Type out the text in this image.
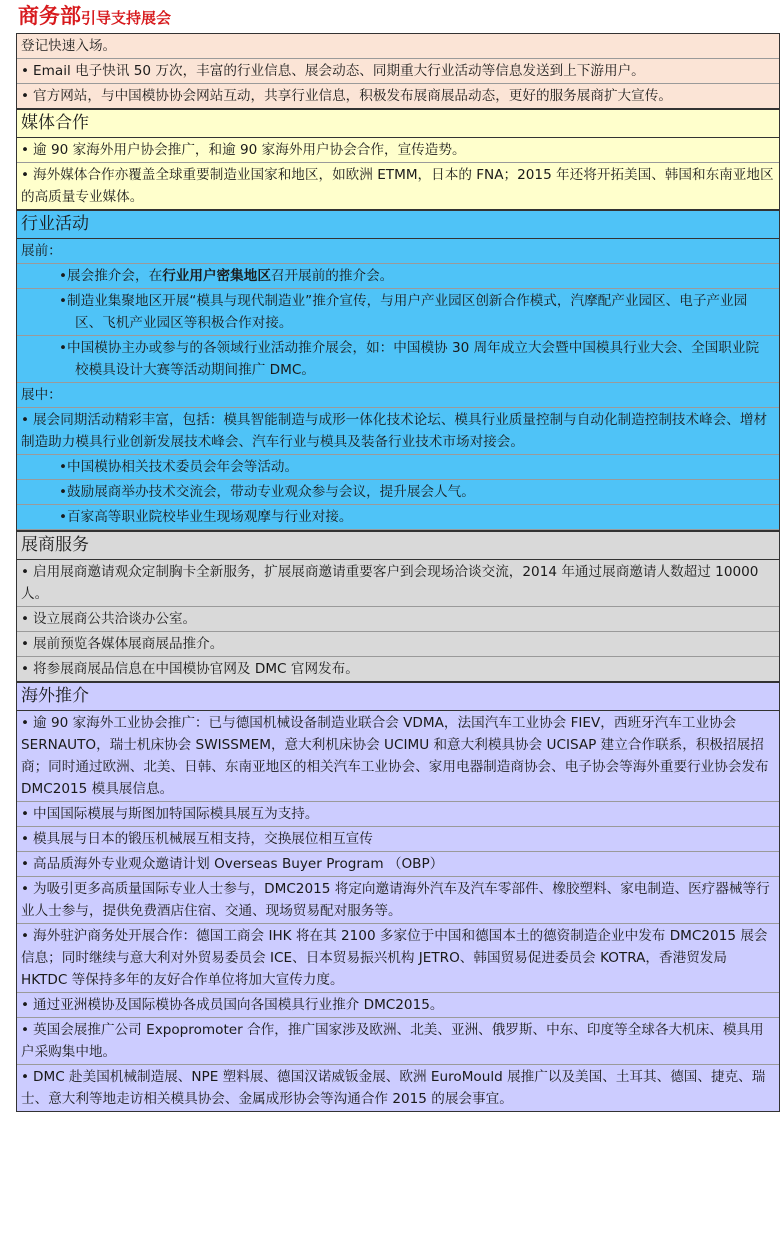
商务部引导支持展会
登记快速入场。
• Email 电子快讯 50 万次，丰富的行业信息、展会动态、同期重大行业活动等信息发送到上下游用户。
• 官方网站，与中国模协协会网站互动，共享行业信息，积极发布展商展品动态，更好的服务展商扩大宣传。
媒体合作
• 逾 90 家海外用户协会推广，和逾 90 家海外用户协会合作，宣传造势。
• 海外媒体合作亦覆盖全球重要制造业国家和地区，如欧洲 ETMM，日本的 FNA；2015 年还将开拓美国、韩国和东南亚地区的高质量专业媒体。
行业活动
展前：
•展会推介会，在行业用户密集地区召开展前的推介会。
•制造业集聚地区开展“模具与现代制造业”推介宣传，与用户产业园区创新合作模式，汽摩配产业园区、电子产业园区、飞机产业园区等积极合作对接。
•中国模协主办或参与的各领域行业活动推介展会，如：中国模协 30 周年成立大会暨中国模具行业大会、全国职业院校模具设计大赛等活动期间推广 DMC。
展中：
• 展会同期活动精彩丰富，包括：模具智能制造与成形一体化技术论坛、模具行业质量控制与自动化制造控制技术峰会、增材制造助力模具行业创新发展技术峰会、汽车行业与模具及装备行业技术市场对接会。
•中国模协相关技术委员会年会等活动。
•鼓励展商举办技术交流会，带动专业观众参与会议，提升展会人气。
•百家高等职业院校毕业生现场观摩与行业对接。
展商服务
• 启用展商邀请观众定制胸卡全新服务，扩展展商邀请重要客户到会现场洽谈交流，2014 年通过展商邀请人数超过 10000 人。
• 设立展商公共洽谈办公室。
• 展前预览各媒体展商展品推介。
• 将参展商展品信息在中国模协官网及 DMC 官网发布。
海外推介
• 逾 90 家海外工业协会推广：已与德国机械设备制造业联合会 VDMA，法国汽车工业协会 FIEV，西班牙汽车工业协会 SERNAUTO，瑞士机床协会 SWISSMEM，意大利机床协会 UCIMU 和意大利模具协会 UCISAP 建立合作联系，积极招展招商；同时通过欧洲、北美、日韩、东南亚地区的相关汽车工业协会、家用电器制造商协会、电子协会等海外重要行业协会发布 DMC2015 模具展信息。
• 中国国际模展与斯图加特国际模具展互为支持。
• 模具展与日本的锻压机械展互相支持，交换展位相互宣传
• 高品质海外专业观众邀请计划 Overseas Buyer Program （OBP）
• 为吸引更多高质量国际专业人士参与，DMC2015 将定向邀请海外汽车及汽车零部件、橡胶塑料、家电制造、医疗器械等行业人士参与，提供免费酒店住宿、交通、现场贸易配对服务等。
• 海外驻沪商务处开展合作：德国工商会 IHK 将在其 2100 多家位于中国和德国本土的德资制造企业中发布 DMC2015 展会信息；同时继续与意大利对外贸易委员会 ICE、日本贸易振兴机构 JETRO、韩国贸易促进委员会 KOTRA，香港贸发局 HKTDC 等保持多年的友好合作单位将加大宣传力度。
• 通过亚洲模协及国际模协各成员国向各国模具行业推介 DMC2015。
• 英国会展推广公司 Expopromoter 合作，推广国家涉及欧洲、北美、亚洲、俄罗斯、中东、印度等全球各大机床、模具用户采购集中地。
• DMC 赴美国机械制造展、NPE 塑料展、德国汉诺威钣金展、欧洲 EuroMould 展推广以及美国、土耳其、德国、捷克、瑞士、意大利等地走访相关模具协会、金属成形协会等沟通合作 2015 的展会事宜。
